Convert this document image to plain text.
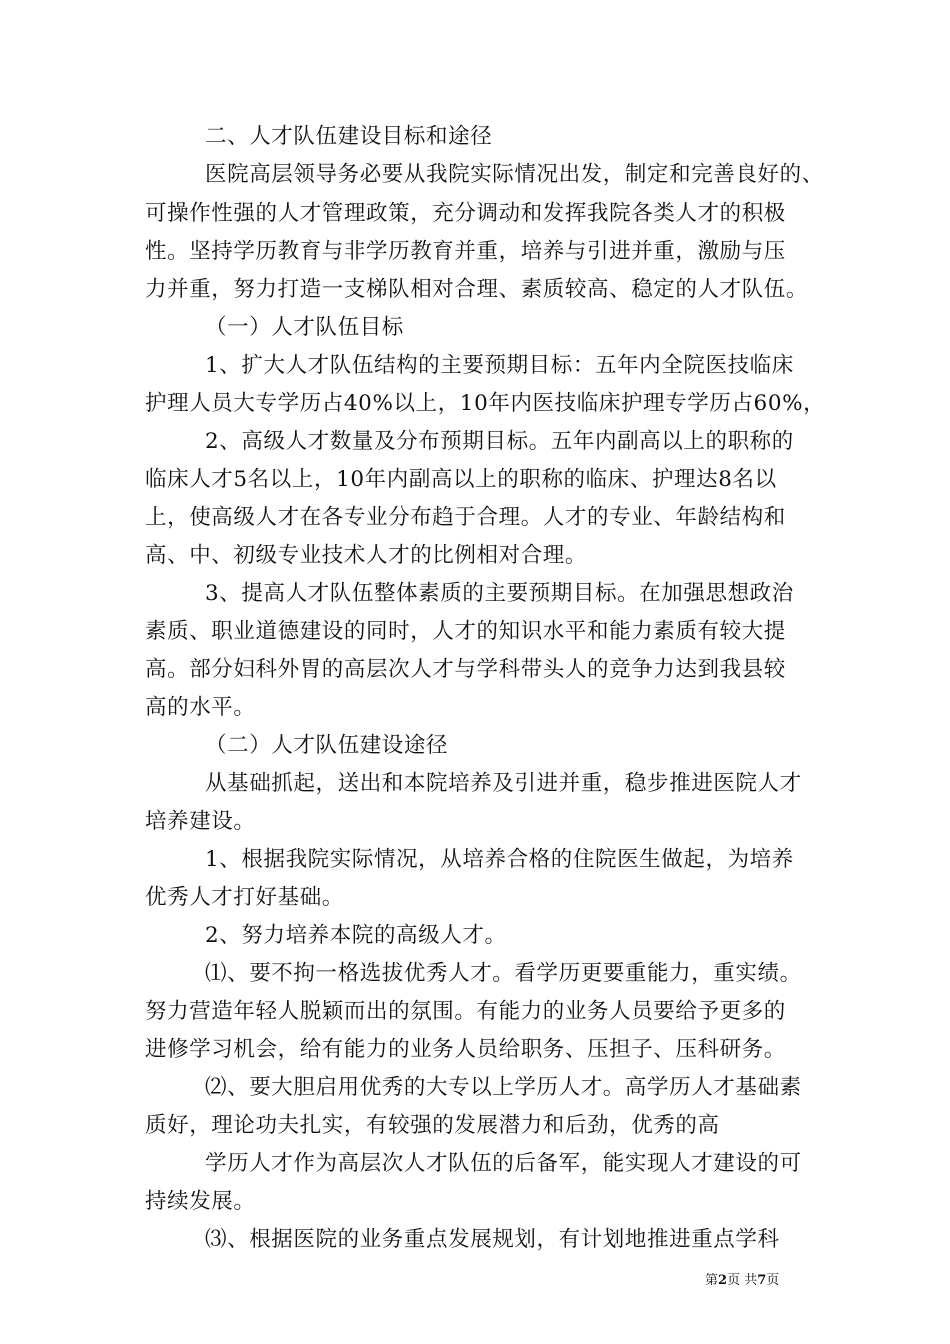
二、人才队伍建设目标和途径
医院高层领导务必要从我院实际情况出发，制定和完善良好的、
可操作性强的人才管理政策，充分调动和发挥我院各类人才的积极
性。坚持学历教育与非学历教育并重，培养与引进并重，激励与压
力并重，努力打造一支梯队相对合理、素质较高、稳定的人才队伍。
（一）人才队伍目标
1、扩大人才队伍结构的主要预期目标：五年内全院医技临床
护理人员大专学历占40%以上，10年内医技临床护理专学历占60%，
2、高级人才数量及分布预期目标。五年内副高以上的职称的
临床人才5名以上，10年内副高以上的职称的临床、护理达8名以
上，使高级人才在各专业分布趋于合理。人才的专业、年龄结构和
高、中、初级专业技术人才的比例相对合理。
3、提高人才队伍整体素质的主要预期目标。在加强思想政治
素质、职业道德建设的同时，人才的知识水平和能力素质有较大提
高。部分妇科外胃的高层次人才与学科带头人的竞争力达到我县较
高的水平。
（二）人才队伍建设途径
从基础抓起，送出和本院培养及引进并重，稳步推进医院人才
培养建设。
1、根据我院实际情况，从培养合格的住院医生做起，为培养
优秀人才打好基础。
2、努力培养本院的高级人才。
⑴、要不拘一格选拔优秀人才。看学历更要重能力，重实绩。
努力营造年轻人脱颖而出的氛围。有能力的业务人员要给予更多的
进修学习机会，给有能力的业务人员给职务、压担子、压科研务。
⑵、要大胆启用优秀的大专以上学历人才。高学历人才基础素
质好，理论功夫扎实，有较强的发展潜力和后劲，优秀的高
学历人才作为高层次人才队伍的后备军，能实现人才建设的可
持续发展。
⑶、根据医院的业务重点发展规划，有计划地推进重点学科
第2页 共7页
